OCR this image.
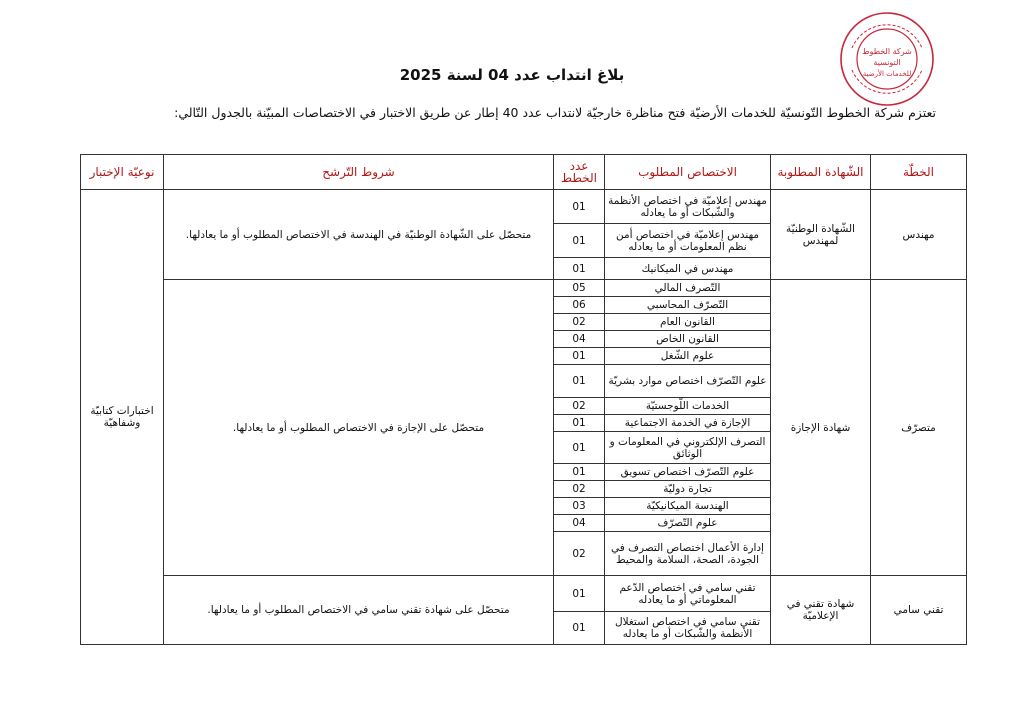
شركة الخطوط
التونسية
للخدمات الأرضية
بلاغ انتداب عدد 04 لسنة 2025
تعتزم شركة الخطوط التّونسيّة للخدمات الأرضيّة فتح مناظرة خارجيّة لانتداب عدد 40 إطار عن طريق الاختبار في الاختصاصات المبيّنة بالجدول التّالي:
الخطّة	الشّهادة المطلوبة	الاختصاص المطلوب	عدد الخطط	شروط التّرشح	نوعيّة الإختبار
مهندس	الشّهادة الوطنيّة لمهندس	مهندس إعلاميّة في اختصاص الأنظمة والشّبكات أو ما يعادله	01	متحصّل على الشّهادة الوطنيّة في الهندسة في الاختصاص المطلوب أو ما يعادلها.	اختبارات كتابيّة وشفاهيّة
		مهندس إعلاميّة في اختصاص أمن نظم المعلومات أو ما يعادله	01		
		مهندس في الميكانيك	01		
متصرّف	شهادة الإجازة	التّصرف المالي	05	متحصّل على الإجازة في الاختصاص المطلوب أو ما يعادلها.	
		التّصرّف المحاسبي	06		
		القانون العام	02		
		القانون الخاص	04		
		علوم الشّغل	01		
		علوم التّصرّف اختصاص موارد بشريّة	01		
		الخدمات اللّوجستيّة	02		
		الإجازة في الخدمة الاجتماعية	01		
		التصرف الإلكتروني في المعلومات و الوثائق	01		
		علوم التّصرّف اختصاص تسويق	01		
		تجارة دوليّة	02		
		الهندسة الميكانيكيّة	03		
		علوم التّصرّف	04		
		إدارة الأعمال اختصاص التصرف في الجودة، الصحة، السلامة والمحيط	02		
تقني سامي	شهادة تقني في الإعلاميّة	تقني سامي في اختصاص الدّعم المعلوماتي أو ما يعادله	01	متحصّل على شهادة تقني سامي في الاختصاص المطلوب أو ما يعادلها.	
		تقني سامي في اختصاص استغلال الأنظمة والشّبكات أو ما يعادله	01		
